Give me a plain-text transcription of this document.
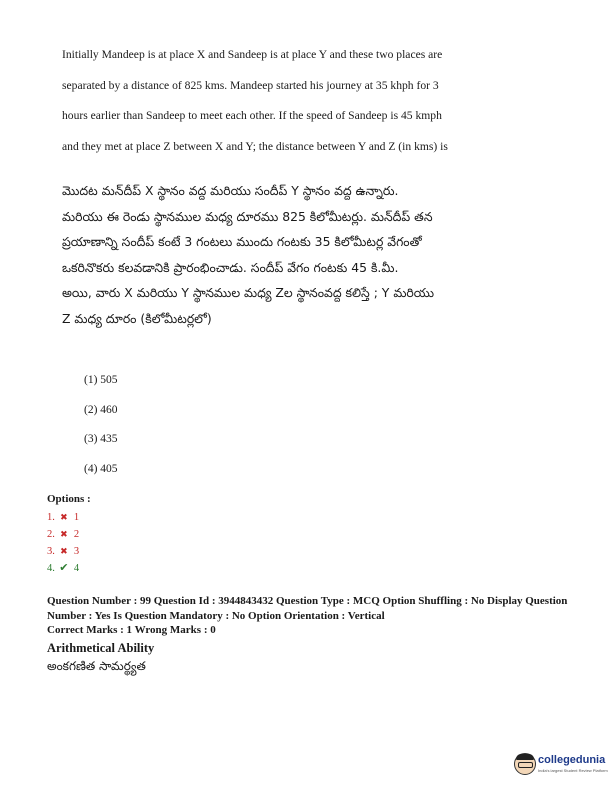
Initially Mandeep is at place X and Sandeep is at place Y and these two places are
separated by a distance of 825 kms. Mandeep started his journey at 35 khph for 3
hours earlier than Sandeep to meet each other. If the speed of Sandeep is 45 kmph
and they met at place Z between X and Y; the distance between Y and Z (in kms) is
మొదట మన్‌దీప్ X స్థానం వద్ద మరియు సందీప్ Y స్థానం వద్ద ఉన్నారు.
మరియు ఈ రెండు స్థానముల మధ్య దూరము 825 కిలోమీటర్లు. మన్‌దీప్ తన
ప్రయాణాన్ని సందీప్ కంటే 3 గంటలు ముందు గంటకు 35 కిలోమీటర్ల వేగంతో
ఒకరినొకరు కలవడానికి ప్రారంభించాడు. సందీప్ వేగం గంటకు 45 కి.మీ.
అయి, వారు X మరియు Y స్థానముల మధ్య Zల స్థానంవద్ద కలిస్తే ; Y మరియు
Z మధ్య దూరం (కిలోమీటర్లలో)
(1) 505
(2) 460
(3) 435
(4) 405
Options :
1. ✖ 1
2. ✖ 2
3. ✖ 3
4. ✔ 4
Question Number : 99 Question Id : 3944843432 Question Type : MCQ Option Shuffling : No Display Question
Number : Yes Is Question Mandatory : No Option Orientation : Vertical
Correct Marks : 1 Wrong Marks : 0
Arithmetical Ability
అంకగణిత సామర్థ్యత
collegedunia
India's largest Student Review Platform
